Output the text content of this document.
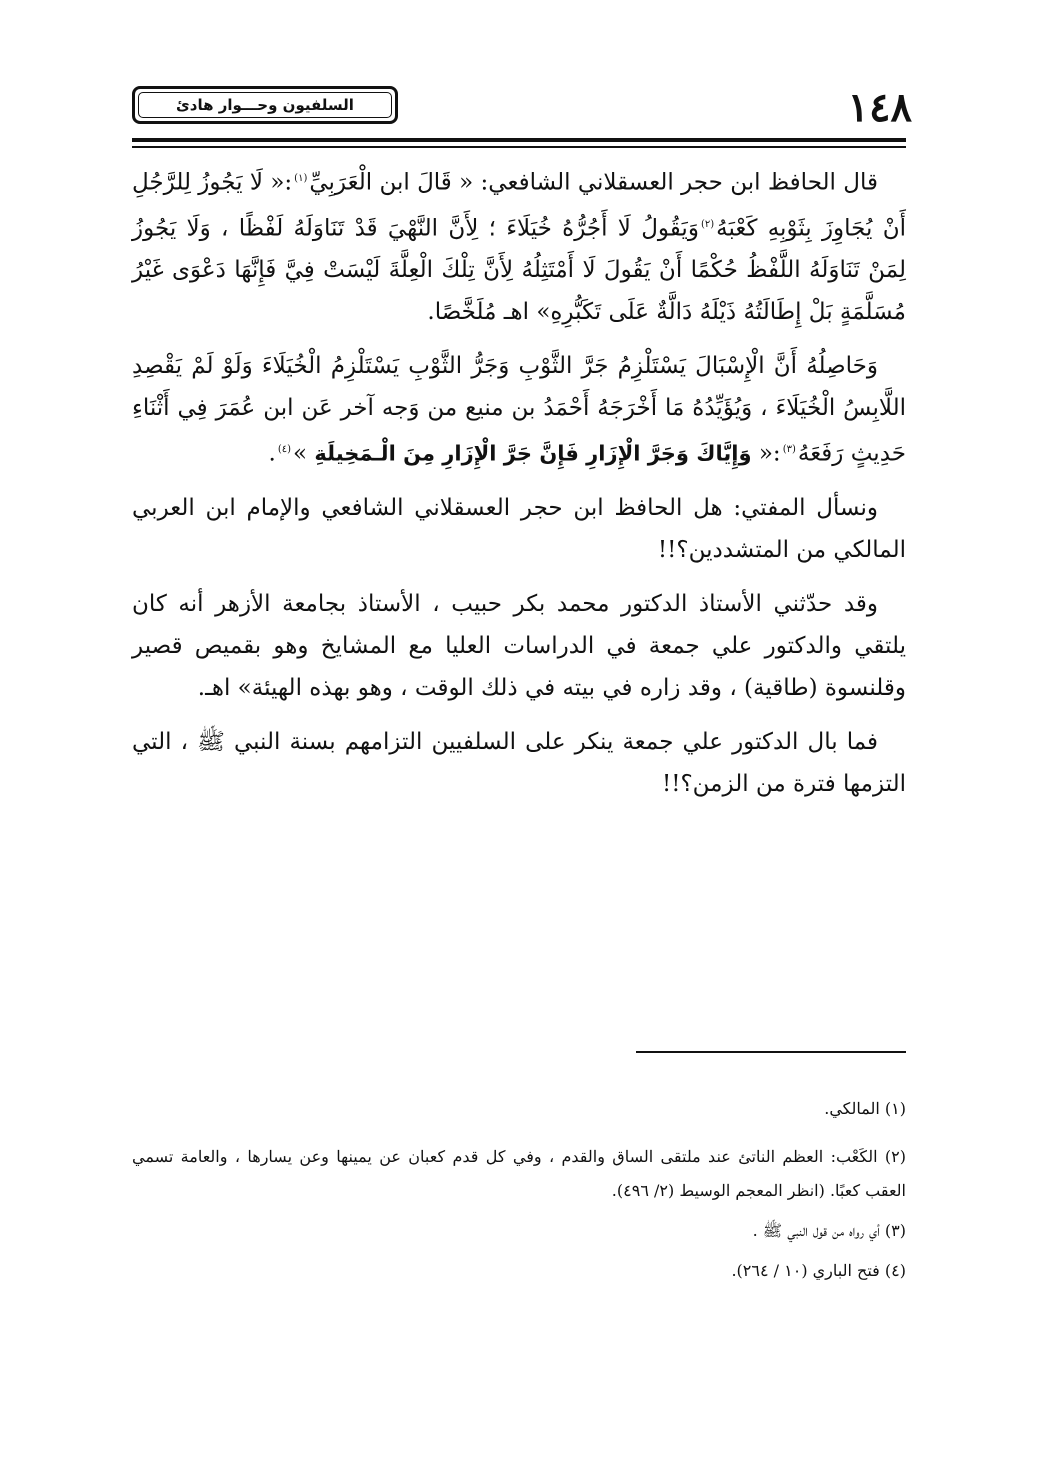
١٤٨
السلفيون وحـــوار هادئ

قال الحافظ ابن حجر العسقلاني الشافعي: « قَالَ ابن الْعَرَبِيِّ$^{(١)}$:« لَا يَجُوزُ لِلرَّجُلِ أَنْ يُجَاوِزَ بِثَوْبِهِ كَعْبَهُ$^{(٢)}$وَيَقُولُ لَا أَجُرُّهُ خُيَلَاءَ ؛ لِأَنَّ النَّهْيَ قَدْ تَنَاوَلَهُ لَفْظًا ، وَلَا يَجُوزُ لِمَنْ تَنَاوَلَهُ اللَّفْظُ حُكْمًا أَنْ يَقُولَ لَا أَمْتَثِلُهُ لِأَنَّ تِلْكَ الْعِلَّةَ لَيْسَتْ فِيَّ فَإِنَّهَا دَعْوَى غَيْرُ مُسَلَّمَةٍ بَلْ إِطَالَتُهُ ذَيْلَهُ دَالَّةٌ عَلَى تَكَبُّرِهِ» اهـ مُلَخَّصًا.

وَحَاصِلُهُ أَنَّ الْإِسْبَالَ يَسْتَلْزِمُ جَرَّ الثَّوْبِ وَجَرُّ الثَّوْبِ يَسْتَلْزِمُ الْخُيَلَاءَ وَلَوْ لَمْ يَقْصِدِ اللَّابِسُ الْخُيَلَاءَ ، وَيُؤَيِّدُهُ مَا أَخْرَجَهُ أَحْمَدُ بن منيع من وَجه آخر عَن ابن عُمَرَ فِي أَثْنَاءِ حَدِيثٍ رَفَعَهُ$^{(٣)}$:« وَإِيَّاكَ وَجَرَّ الْإِزَارِ فَإِنَّ جَرَّ الْإِزَارِ مِنَ الْـمَخِيلَةِ »$^{(٤)}$.

ونسأل المفتي: هل الحافظ ابن حجر العسقلاني الشافعي والإمام ابن العربي المالكي من المتشددين؟!!

وقد حدّثني الأستاذ الدكتور محمد بكر حبيب ، الأستاذ بجامعة الأزهر أنه كان يلتقي والدكتور علي جمعة في الدراسات العليا مع المشايخ وهو بقميص قصير وقلنسوة (طاقية) ، وقد زاره في بيته في ذلك الوقت ، وهو بهذه الهيئة» اهـ.

فما بال الدكتور علي جمعة ينكر على السلفيين التزامهم بسنة النبي ﷺ ، التي التزمها فترة من الزمن؟!!

(١) المالكي.

(٢) الكَعْب: العظم الناتئ عند ملتقى الساق والقدم ، وفي كل قدم كعبان عن يمينها وعن يسارها ، والعامة تسمي العقب كعبًا. (انظر المعجم الوسيط (٢/ ٤٩٦).

(٣) أي رواه من قول النبي ﷺ .

(٤) فتح الباري (١٠ / ٢٦٤).
